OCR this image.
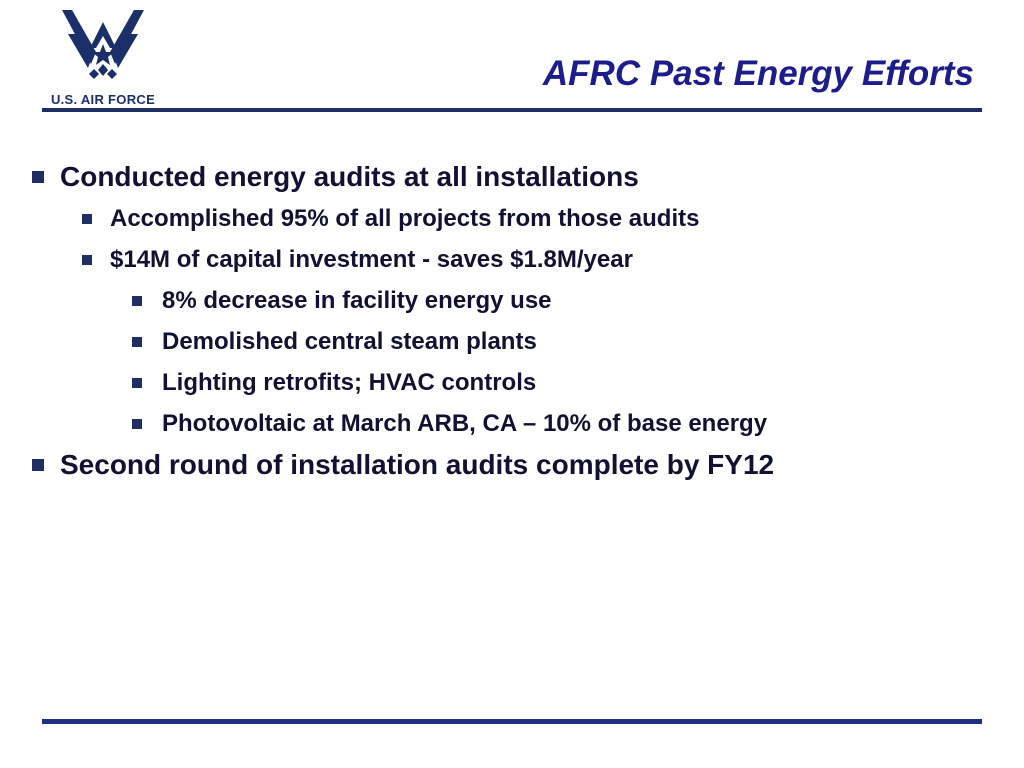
U.S. AIR FORCE
AFRC Past Energy Efforts
Conducted energy audits at all installations
Accomplished 95% of all projects from those audits
$14M of capital investment - saves $1.8M/year
8% decrease in facility energy use
Demolished central steam plants
Lighting retrofits; HVAC controls
Photovoltaic at March ARB, CA – 10% of base energy
Second round of installation audits complete by FY12
